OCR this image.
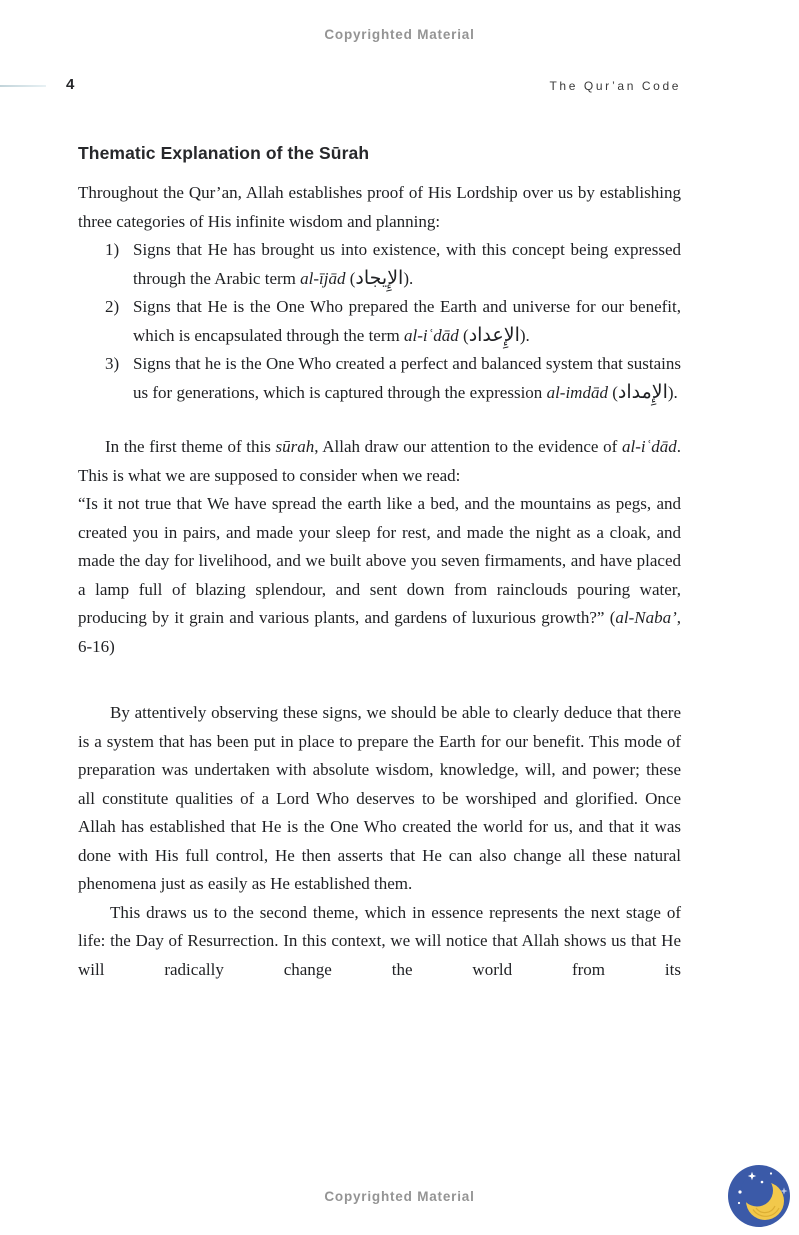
Copyrighted Material
4	The Qur’an Code
Thematic Explanation of the Sūrah

Throughout the Qur’an, Allah establishes proof of His Lordship over us by establishing three categories of His infinite wisdom and planning:

1) Signs that He has brought us into existence, with this concept being expressed through the Arabic term al-ījād (الإِيجاد).
2) Signs that He is the One Who prepared the Earth and universe for our benefit, which is encapsulated through the term al-iʿdād (الإِعداد).
3) Signs that he is the One Who created a perfect and balanced system that sustains us for generations, which is captured through the expression al-imdād (الإِمداد).

In the first theme of this sūrah, Allah draw our attention to the evidence of al-iʿdād. This is what we are supposed to consider when we read:

“Is it not true that We have spread the earth like a bed, and the mountains as pegs, and created you in pairs, and made your sleep for rest, and made the night as a cloak, and made the day for livelihood, and we built above you seven firmaments, and have placed a lamp full of blazing splendour, and sent down from rainclouds pouring water, producing by it grain and various plants, and gardens of luxurious growth?” (al-Naba’, 6-16)

By attentively observing these signs, we should be able to clearly deduce that there is a system that has been put in place to prepare the Earth for our benefit. This mode of preparation was undertaken with absolute wisdom, knowledge, will, and power; these all constitute qualities of a Lord Who deserves to be worshiped and glorified. Once Allah has established that He is the One Who created the world for us, and that it was done with His full control, He then asserts that He can also change all these natural phenomena just as easily as He established them.

This draws us to the second theme, which in essence represents the next stage of life: the Day of Resurrection. In this context, we will notice that Allah shows us that He will radically change the world from its

Copyrighted Material
